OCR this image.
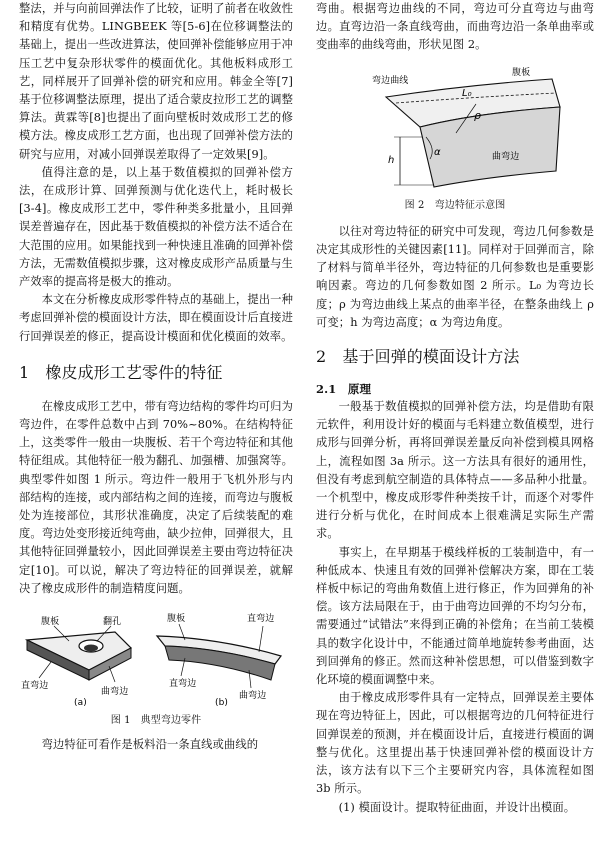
整法，并与向前回弹法作了比较，证明了前者在收敛性和精度有优势。LINGBEEK 等[5-6]在位移调整法的基础上，提出一些改进算法，使回弹补偿能够应用于冲压工艺中复杂形状零件的模面优化。其他板料成形工艺，同样展开了回弹补偿的研究和应用。韩金全等[7]基于位移调整法原理，提出了适合蒙皮拉形工艺的调整算法。黄霖等[8]也提出了面向壁板时效成形工艺的修模方法。橡皮成形工艺方面，也出现了回弹补偿方法的研究与应用，对减小回弹误差取得了一定效果[9]。

值得注意的是，以上基于数值模拟的回弹补偿方法，在成形计算、回弹预测与优化迭代上，耗时极长[3-4]。橡皮成形工艺中，零件种类多批量小，且回弹误差普遍存在，因此基于数值模拟的补偿方法不适合在大范围的应用。如果能找到一种快速且准确的回弹补偿方法，无需数值模拟步骤，这对橡皮成形产品质量与生产效率的提高将是极大的推动。

本文在分析橡皮成形零件特点的基础上，提出一种考虑回弹补偿的模面设计方法，即在模面设计后直接进行回弹误差的修正，提高设计模面和优化模面的效率。

1　橡皮成形工艺零件的特征

在橡皮成形工艺中，带有弯边结构的零件均可归为弯边件，在零件总数中占到 70%~80%。在结构特征上，这类零件一般由一块腹板、若干个弯边特征和其他特征组成。其他特征一般为翻孔、加强槽、加强窝等。典型零件如图 1 所示。弯边件一般用于飞机外形与内部结构的连接，或内部结构之间的连接，而弯边与腹板处为连接部位，其形状准确度，决定了后续装配的难度。弯边处变形接近纯弯曲，缺少拉伸，回弹很大，且其他特征回弹量较小，因此回弹误差主要由弯边特征决定[10]。可以说，解决了弯边特征的回弹误差，就解决了橡皮成形件的制造精度问题。

腹板	翻孔
直弯边
曲弯边
(a)
腹板	直弯边
直弯边
曲弯边
(b)
图 1　典型弯边零件

弯边特征可看作是板料沿一条直线或曲线的

弯曲。根据弯边曲线的不同，弯边可分直弯边与曲弯边。直弯边沿一条直线弯曲，而曲弯边沿一条单曲率或变曲率的曲线弯曲，形状见图 2。

弯边曲线
腹板
L₀
ρ
h
α	曲弯边
图 2　弯边特征示意图

以往对弯边特征的研究中可发现，弯边几何参数是决定其成形性的关键因素[11]。同样对于回弹而言，除了材料与简单半径外，弯边特征的几何参数也是重要影响因素。弯边的几何参数如图 2 所示。L₀ 为弯边长度；ρ 为弯边曲线上某点的曲率半径，在整条曲线上 ρ 可变；h 为弯边高度；α 为弯边角度。

2　基于回弹的模面设计方法
2.1　原理

一般基于数值模拟的回弹补偿方法，均是借助有限元软件，利用设计好的模面与毛料建立数值模型，进行成形与回弹分析，再将回弹误差量反向补偿到模具网格上，流程如图 3a 所示。这一方法具有很好的通用性，但没有考虑到航空制造的具体特点——多品种小批量。一个机型中，橡皮成形零件种类按千计，而逐个对零件进行分析与优化，在时间成本上很难满足实际生产需求。

事实上，在早期基于模线样板的工装制造中，有一种低成本、快速且有效的回弹补偿解决方案，即在工装样板中标记的弯曲角数值上进行修正，作为回弹角的补偿。该方法局限在于，由于曲弯边回弹的不均匀分布，需要通过“试错法”来得到正确的补偿角；在当前工装模具的数字化设计中，不能通过简单地旋转参考曲面，达到回弹角的修正。然而这种补偿思想，可以借鉴到数字化环境的模面调整中来。

由于橡皮成形零件具有一定特点，回弹误差主要体现在弯边特征上，因此，可以根据弯边的几何特征进行回弹误差的预测，并在模面设计后，直接进行模面的调整与优化。这里提出基于快速回弹补偿的模面设计方法，该方法有以下三个主要研究内容，具体流程如图 3b 所示。

(1) 模面设计。提取特征曲面，并设计出模面。
